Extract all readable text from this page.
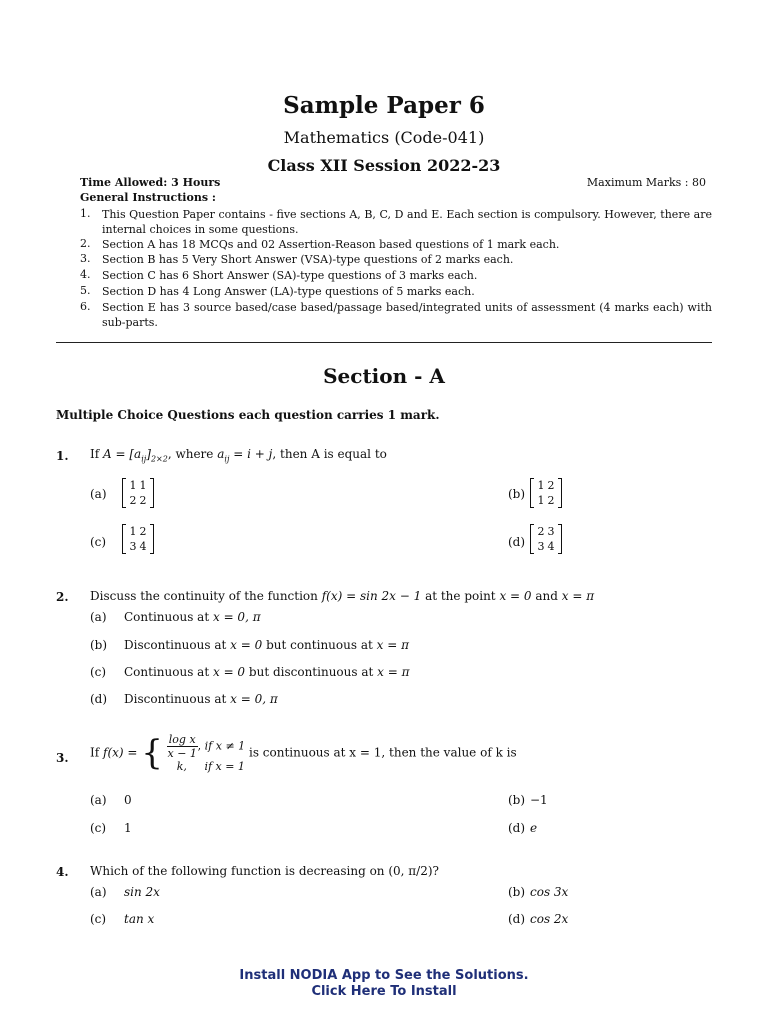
Sample Paper 6
Mathematics (Code-041)
Class XII Session 2022-23
Time Allowed: 3 Hours	Maximum Marks : 80
General Instructions :
1. This Question Paper contains - five sections A, B, C, D and E. Each section is compulsory. However, there are internal choices in some questions.
2. Section A has 18 MCQs and 02 Assertion-Reason based questions of 1 mark each.
3. Section B has 5 Very Short Answer (VSA)-type questions of 2 marks each.
4. Section C has 6 Short Answer (SA)-type questions of 3 marks each.
5. Section D has 4 Long Answer (LA)-type questions of 5 marks each.
6. Section E has 3 source based/case based/passage based/integrated units of assessment (4 marks each) with sub-parts.
Section - A
Multiple Choice Questions each question carries 1 mark.
1. If $A = [a_{ij}]_{2\times 2}$, where $a_{ij} = i + j$, then A is equal to
(a)
1 1
2 2	(b)
1 2
1 2
(c)
1 2
3 4	(d)
2 3
3 4
2. Discuss the continuity of the function f(x) = sin 2x − 1 at the point x = 0 and x = π
(a) Continuous at x = 0, π
(b) Discontinuous at x = 0 but continuous at x = π
(c) Continuous at x = 0 but discontinuous at x = π
(d) Discontinuous at x = 0, π
3. If f(x) = { $\frac{\text{log x}}{x - 1}$ , if x ≠ 1
k, if x = 1
is continuous at x = 1, then the value of k is
(a) 0	(b) −1
(c) 1	(d) e
4. Which of the following function is decreasing on (0, π/2)?
(a) sin 2x	(b) cos 3x
(c) tan x	(d) cos 2x
Install NODIA App to See the Solutions.
Click Here To Install
